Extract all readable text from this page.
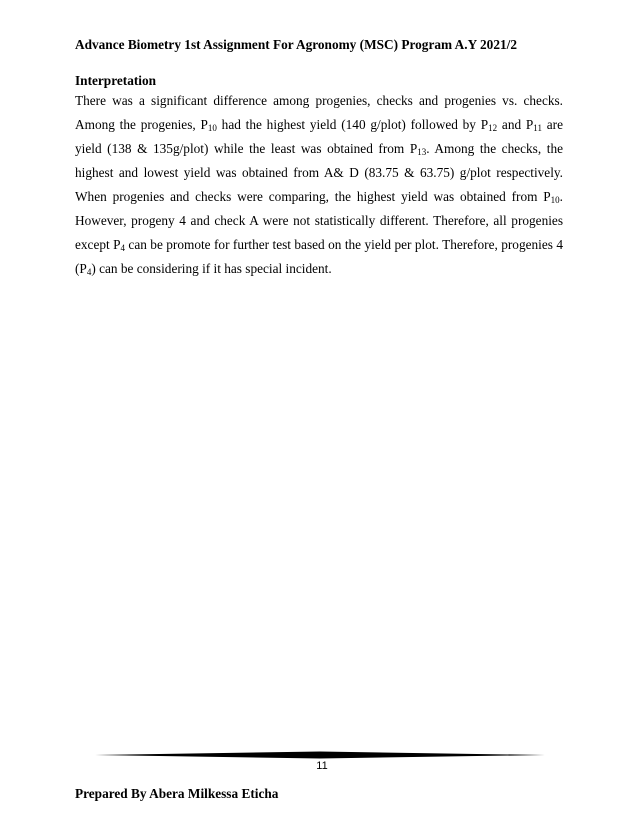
Advance Biometry 1st Assignment For Agronomy (MSC) Program A.Y 2021/2

Interpretation

There was a significant difference among progenies, checks and progenies vs. checks. Among the progenies, $P_{10}$ had the highest yield (140 g/plot) followed by $P_{12}$ and $P_{11}$ are yield (138 & 135g/plot) while the least was obtained from $P_{13}$. Among the checks, the highest and lowest yield was obtained from A& D (83.75 & 63.75) g/plot respectively. When progenies and checks were comparing, the highest yield was obtained from $P_{10}$. However, progeny 4 and check A were not statistically different. Therefore, all progenies except $P_4$ can be promote for further test based on the yield per plot. Therefore, progenies 4 $(P_4)$ can be considering if it has special incident.

11
Prepared By Abera Milkessa Eticha
